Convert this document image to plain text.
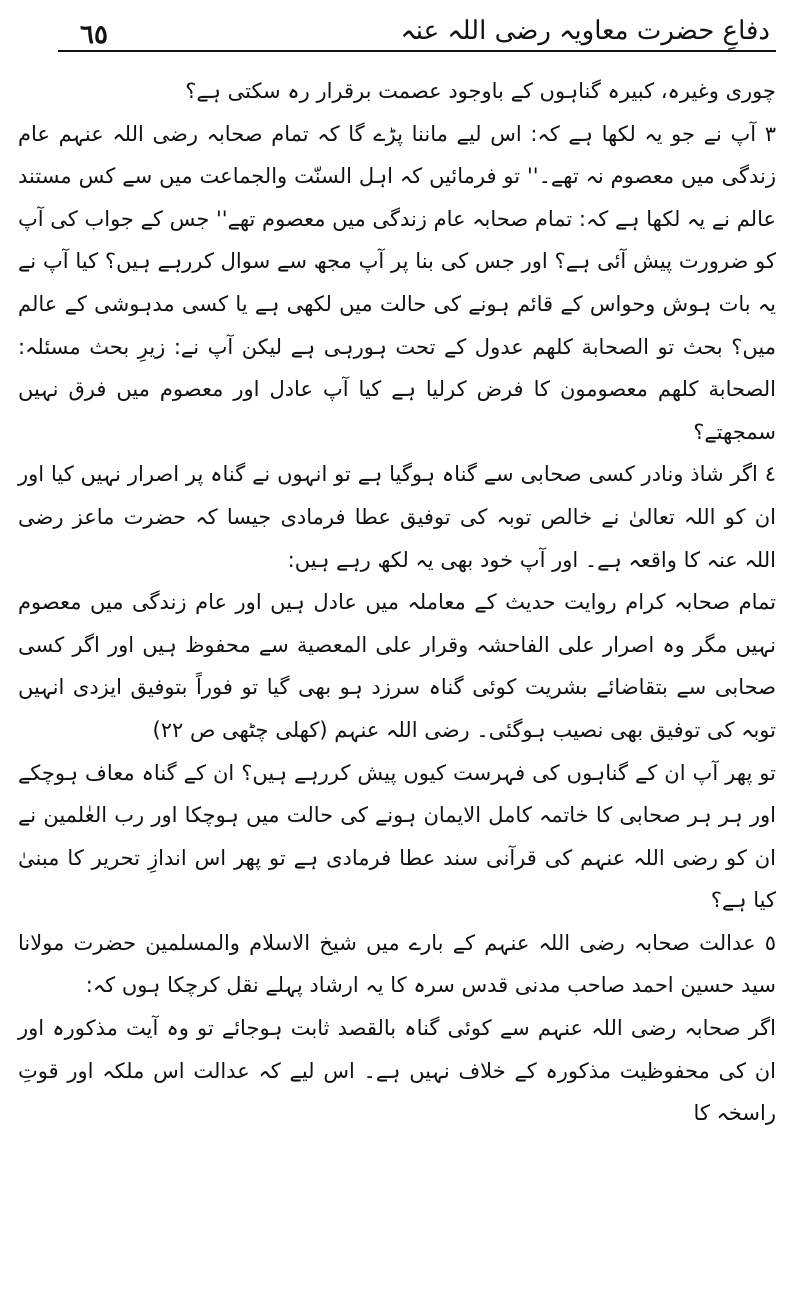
٦٥	دفاعِ حضرت معاویہ رضی اللہ عنہ

چوری وغیرہ، کبیرہ گناہوں کے باوجود عصمت برقرار رہ سکتی ہے؟

٣ آپ نے جو یہ لکھا ہے کہ: اس لیے ماننا پڑے گا کہ تمام صحابہ رضی اللہ عنہم عام زندگی میں معصوم نہ تھے۔'' تو فرمائیں کہ اہل السنّت والجماعت میں سے کس مستند عالم نے یہ لکھا ہے کہ: تمام صحابہ عام زندگی میں معصوم تھے'' جس کے جواب کی آپ کو ضرورت پیش آئی ہے؟ اور جس کی بنا پر آپ مجھ سے سوال کررہے ہیں؟ کیا آپ نے یہ بات ہوش وحواس کے قائم ہونے کی حالت میں لکھی ہے یا کسی مدہوشی کے عالم میں؟ بحث تو الصحابة کلهم عدول کے تحت ہورہی ہے لیکن آپ نے: زیرِ بحث مسئلہ: الصحابة کلهم معصومون کا فرض کرلیا ہے کیا آپ عادل اور معصوم میں فرق نہیں سمجھتے؟

٤ اگر شاذ ونادر کسی صحابی سے گناہ ہوگیا ہے تو انہوں نے گناہ پر اصرار نہیں کیا اور ان کو اللہ تعالیٰ نے خالص توبہ کی توفیق عطا فرمادی جیسا کہ حضرت ماعز رضی اللہ عنہ کا واقعہ ہے۔ اور آپ خود بھی یہ لکھ رہے ہیں:

تمام صحابہ کرام روایت حدیث کے معاملہ میں عادل ہیں اور عام زندگی میں معصوم نہیں مگر وہ اصرار علی الفاحشہ وقرار علی المعصیة سے محفوظ ہیں اور اگر کسی صحابی سے بتقاضائے بشریت کوئی گناہ سرزد ہو بھی گیا تو فوراً بتوفیق ایزدی انہیں توبہ کی توفیق بھی نصیب ہوگئی۔ رضی اللہ عنہم (کھلی چٹھی ص ٢٢)

تو پھر آپ ان کے گناہوں کی فہرست کیوں پیش کررہے ہیں؟ ان کے گناہ معاف ہوچکے اور ہر ہر صحابی کا خاتمہ کامل الایمان ہونے کی حالت میں ہوچکا اور رب العٰلمین نے ان کو رضی اللہ عنہم کی قرآنی سند عطا فرمادی ہے تو پھر اس اندازِ تحریر کا مبنیٰ کیا ہے؟

٥ عدالت صحابہ رضی اللہ عنہم کے بارے میں شیخ الاسلام والمسلمین حضرت مولانا سید حسین احمد صاحب مدنی قدس سرہ کا یہ ارشاد پہلے نقل کرچکا ہوں کہ:

اگر صحابہ رضی اللہ عنہم سے کوئی گناہ بالقصد ثابت ہوجائے تو وہ آیت مذکورہ اور ان کی محفوظیت مذکورہ کے خلاف نہیں ہے۔ اس لیے کہ عدالت اس ملکہ اور قوتِ راسخہ کا
